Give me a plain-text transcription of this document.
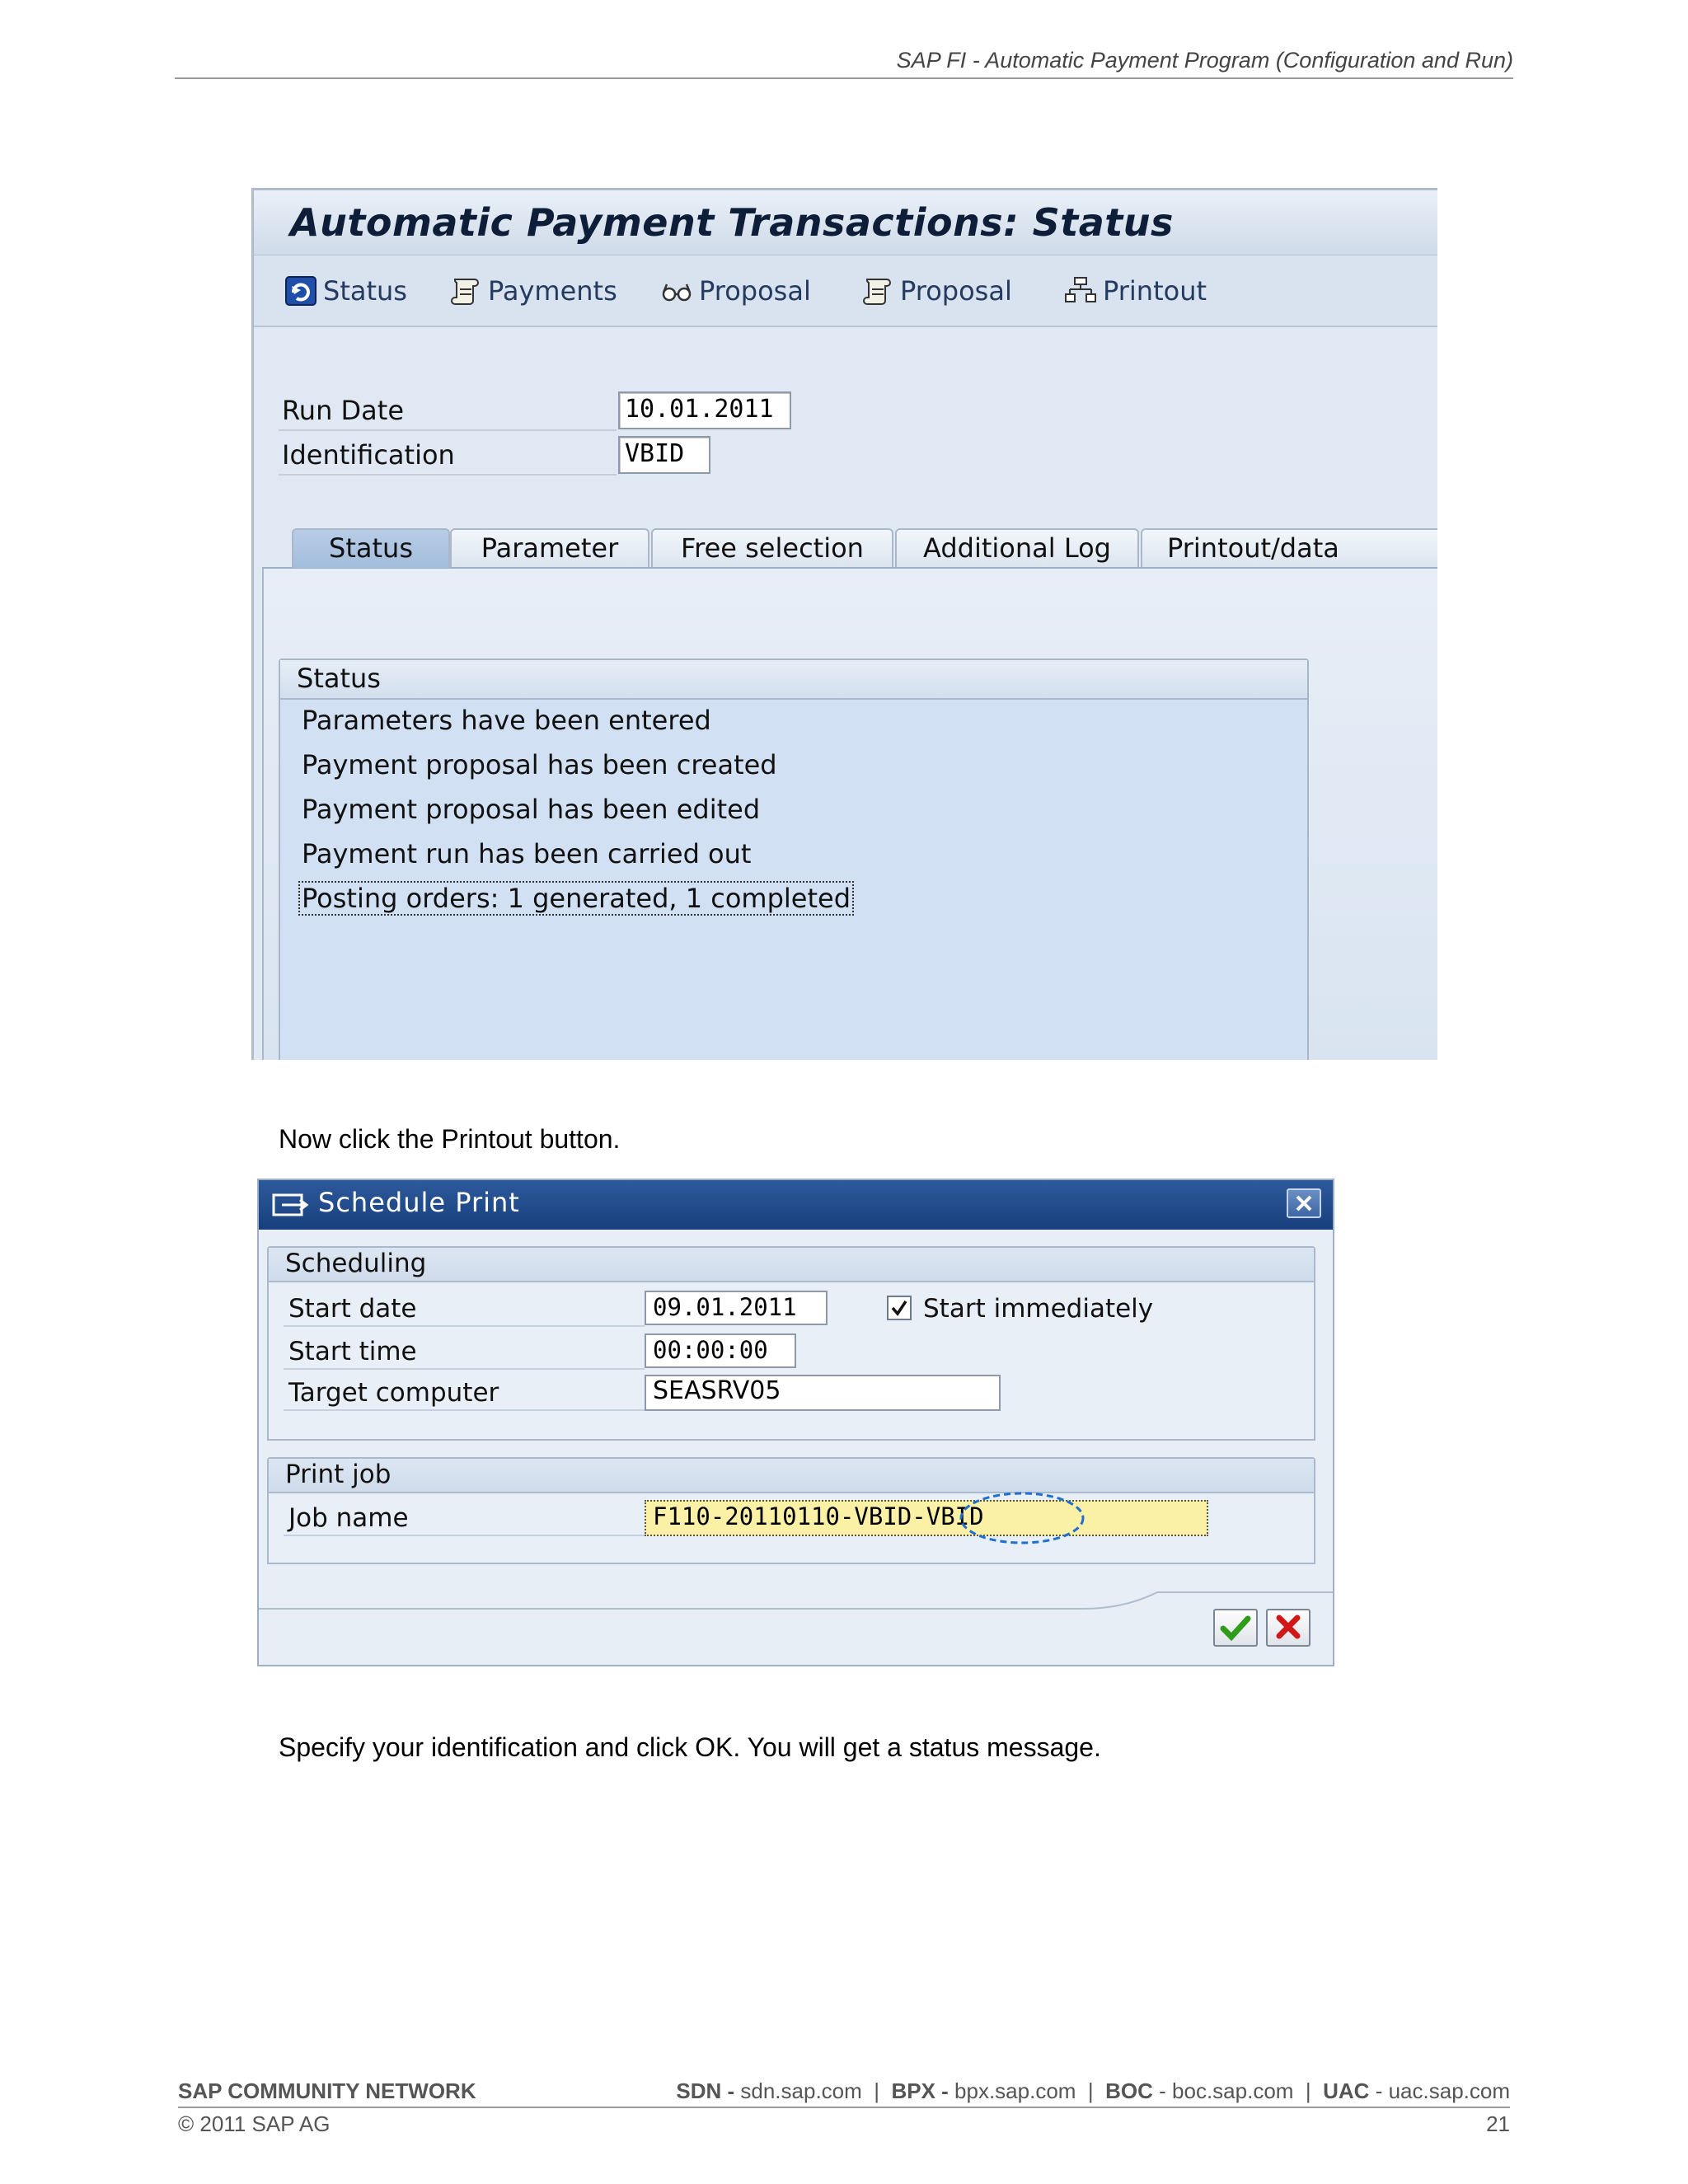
SAP FI - Automatic Payment Program (Configuration and Run)
Automatic Payment Transactions: Status
Status	Payments	Proposal	Proposal	Printout
Run Date	10.01.2011
Identification	VBID
Status	Parameter	Free selection	Additional Log	Printout/data
Status
Parameters have been entered
Payment proposal has been created
Payment proposal has been edited
Payment run has been carried out
Posting orders: 1 generated, 1 completed
Now click the Printout button.
Schedule Print
Scheduling
Start date	09.01.2011	Start immediately
Start time	00:00:00
Target computer	SEASRV05
Print job
Job name	F110-20110110-VBID-VBID
Specify your identification and click OK. You will get a status message.
SAP COMMUNITY NETWORK	SDN - sdn.sap.com | BPX - bpx.sap.com | BOC - boc.sap.com | UAC - uac.sap.com
© 2011 SAP AG	21
